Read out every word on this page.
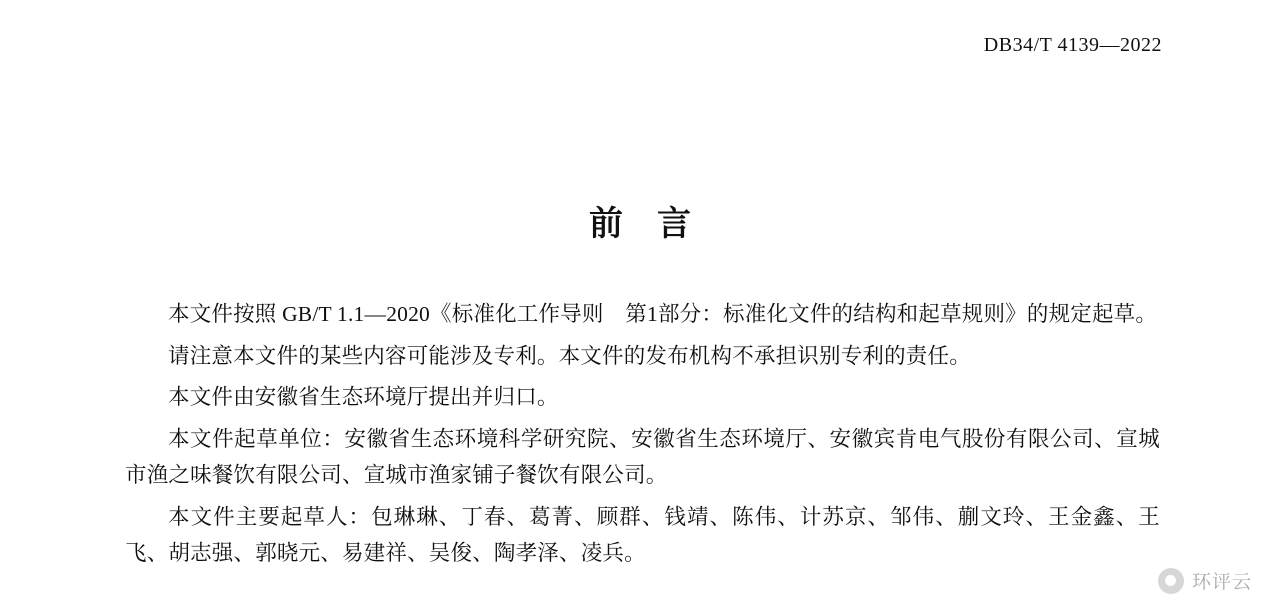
DB34/T 4139—2022
前言

本文件按照 GB/T 1.1—2020《标准化工作导则　第1部分：标准化文件的结构和起草规则》的规定起草。

请注意本文件的某些内容可能涉及专利。本文件的发布机构不承担识别专利的责任。

本文件由安徽省生态环境厅提出并归口。

本文件起草单位：安徽省生态环境科学研究院、安徽省生态环境厅、安徽宾肯电气股份有限公司、宣城市渔之味餐饮有限公司、宣城市渔家铺子餐饮有限公司。

本文件主要起草人：包琳琳、丁春、葛菁、顾群、钱靖、陈伟、计苏京、邹伟、蒯文玲、王金鑫、王飞、胡志强、郭晓元、易建祥、吴俊、陶孝泽、凌兵。

环评云
